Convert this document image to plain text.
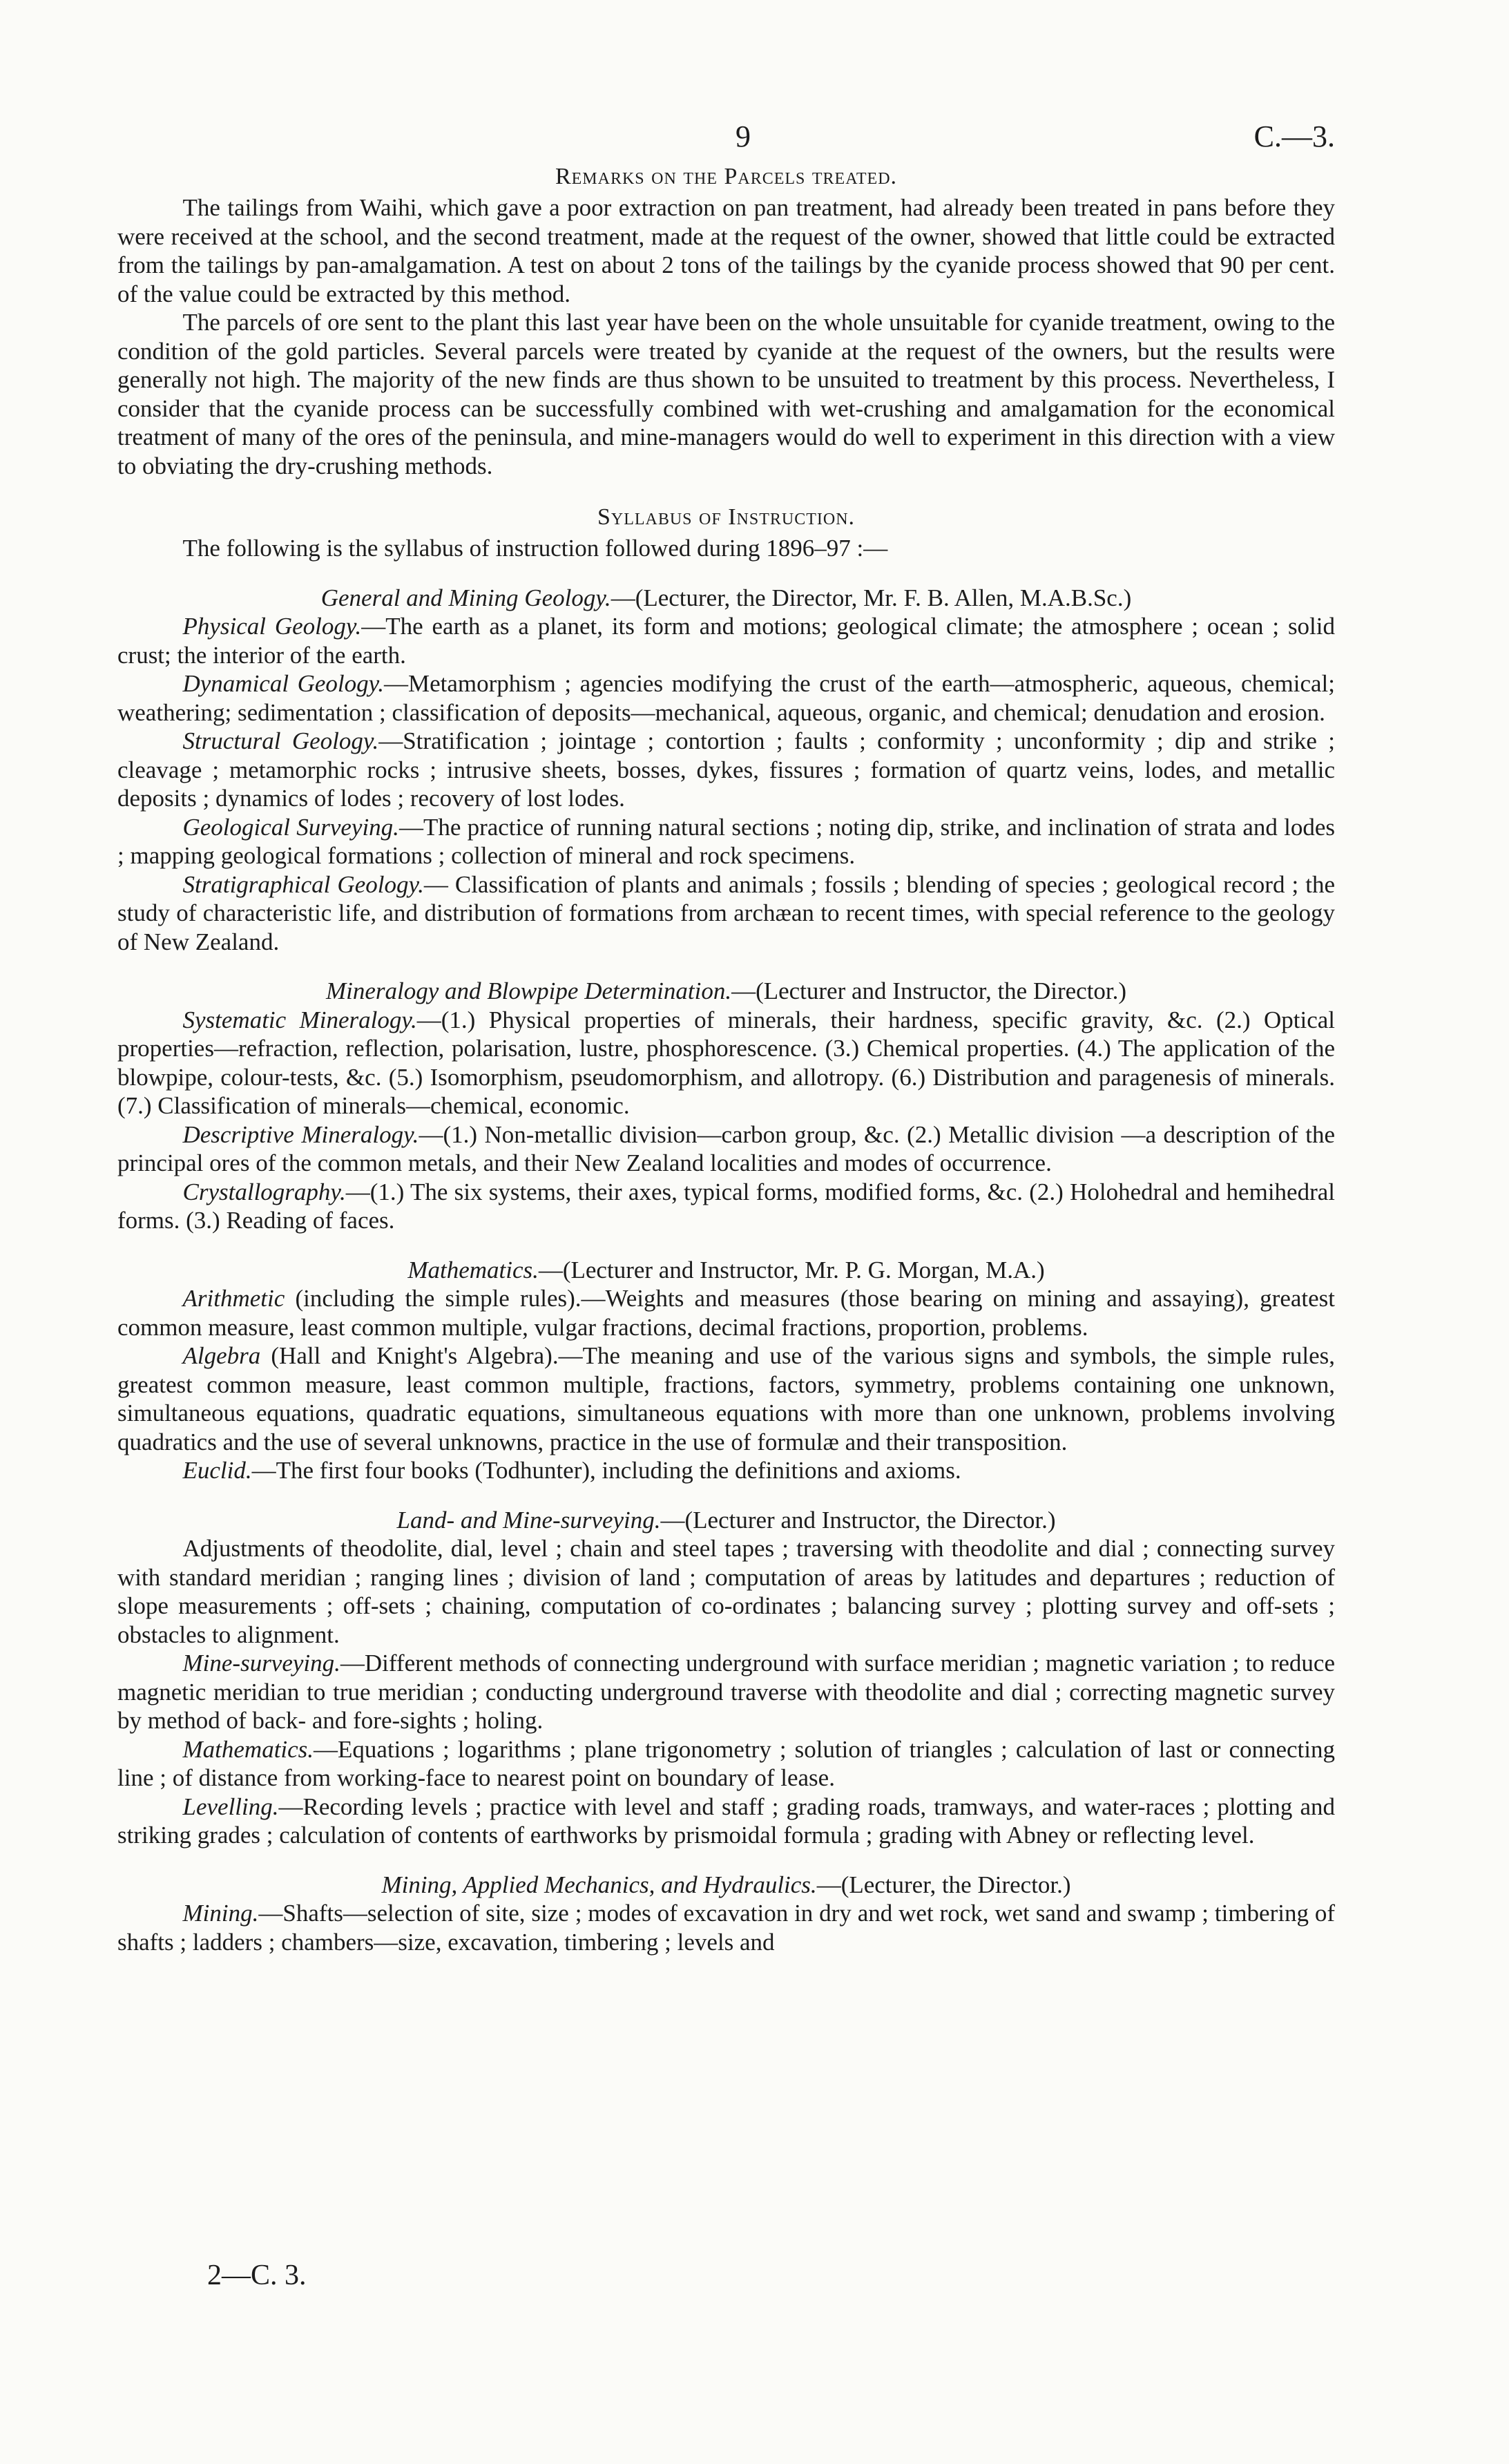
9	C.—3.
Remarks on the Parcels treated.

The tailings from Waihi, which gave a poor extraction on pan treatment, had already been treated in pans before they were received at the school, and the second treatment, made at the request of the owner, showed that little could be extracted from the tailings by pan-amalgamation. A test on about 2 tons of the tailings by the cyanide process showed that 90 per cent. of the value could be extracted by this method.

The parcels of ore sent to the plant this last year have been on the whole unsuitable for cyanide treatment, owing to the condition of the gold particles. Several parcels were treated by cyanide at the request of the owners, but the results were generally not high. The majority of the new finds are thus shown to be unsuited to treatment by this process. Nevertheless, I consider that the cyanide process can be successfully combined with wet-crushing and amalgamation for the economical treatment of many of the ores of the peninsula, and mine-managers would do well to experiment in this direction with a view to obviating the dry-crushing methods.

Syllabus of Instruction.

The following is the syllabus of instruction followed during 1896–97 :—

General and Mining Geology.—(Lecturer, the Director, Mr. F. B. Allen, M.A.B.Sc.)

Physical Geology.—The earth as a planet, its form and motions; geological climate; the atmosphere ; ocean ; solid crust; the interior of the earth.

Dynamical Geology.—Metamorphism ; agencies modifying the crust of the earth—atmospheric, aqueous, chemical; weathering; sedimentation ; classification of deposits—mechanical, aqueous, organic, and chemical; denudation and erosion.

Structural Geology.—Stratification ; jointage ; contortion ; faults ; conformity ; unconformity ; dip and strike ; cleavage ; metamorphic rocks ; intrusive sheets, bosses, dykes, fissures ; formation of quartz veins, lodes, and metallic deposits ; dynamics of lodes ; recovery of lost lodes.

Geological Surveying.—The practice of running natural sections ; noting dip, strike, and inclination of strata and lodes ; mapping geological formations ; collection of mineral and rock specimens.

Stratigraphical Geology.— Classification of plants and animals ; fossils ; blending of species ; geological record ; the study of characteristic life, and distribution of formations from archæan to recent times, with special reference to the geology of New Zealand.

Mineralogy and Blowpipe Determination.—(Lecturer and Instructor, the Director.)

Systematic Mineralogy.—(1.) Physical properties of minerals, their hardness, specific gravity, &c. (2.) Optical properties—refraction, reflection, polarisation, lustre, phosphorescence. (3.) Chemical properties. (4.) The application of the blowpipe, colour-tests, &c. (5.) Isomorphism, pseudomorphism, and allotropy. (6.) Distribution and paragenesis of minerals. (7.) Classification of minerals—chemical, economic.

Descriptive Mineralogy.—(1.) Non-metallic division—carbon group, &c. (2.) Metallic division —a description of the principal ores of the common metals, and their New Zealand localities and modes of occurrence.

Crystallography.—(1.) The six systems, their axes, typical forms, modified forms, &c. (2.) Holohedral and hemihedral forms. (3.) Reading of faces.

Mathematics.—(Lecturer and Instructor, Mr. P. G. Morgan, M.A.)

Arithmetic (including the simple rules).—Weights and measures (those bearing on mining and assaying), greatest common measure, least common multiple, vulgar fractions, decimal fractions, proportion, problems.

Algebra (Hall and Knight's Algebra).—The meaning and use of the various signs and symbols, the simple rules, greatest common measure, least common multiple, fractions, factors, symmetry, problems containing one unknown, simultaneous equations, quadratic equations, simultaneous equations with more than one unknown, problems involving quadratics and the use of several unknowns, practice in the use of formulæ and their transposition.

Euclid.—The first four books (Todhunter), including the definitions and axioms.

Land- and Mine-surveying.—(Lecturer and Instructor, the Director.)

Adjustments of theodolite, dial, level ; chain and steel tapes ; traversing with theodolite and dial ; connecting survey with standard meridian ; ranging lines ; division of land ; computation of areas by latitudes and departures ; reduction of slope measurements ; off-sets ; chaining, computation of co-ordinates ; balancing survey ; plotting survey and off-sets ; obstacles to alignment.

Mine-surveying.—Different methods of connecting underground with surface meridian ; magnetic variation ; to reduce magnetic meridian to true meridian ; conducting underground traverse with theodolite and dial ; correcting magnetic survey by method of back- and fore-sights ; holing.

Mathematics.—Equations ; logarithms ; plane trigonometry ; solution of triangles ; calculation of last or connecting line ; of distance from working-face to nearest point on boundary of lease.

Levelling.—Recording levels ; practice with level and staff ; grading roads, tramways, and water-races ; plotting and striking grades ; calculation of contents of earthworks by prismoidal formula ; grading with Abney or reflecting level.

Mining, Applied Mechanics, and Hydraulics.—(Lecturer, the Director.)

Mining.—Shafts—selection of site, size ; modes of excavation in dry and wet rock, wet sand and swamp ; timbering of shafts ; ladders ; chambers—size, excavation, timbering ; levels and

2—C. 3.
